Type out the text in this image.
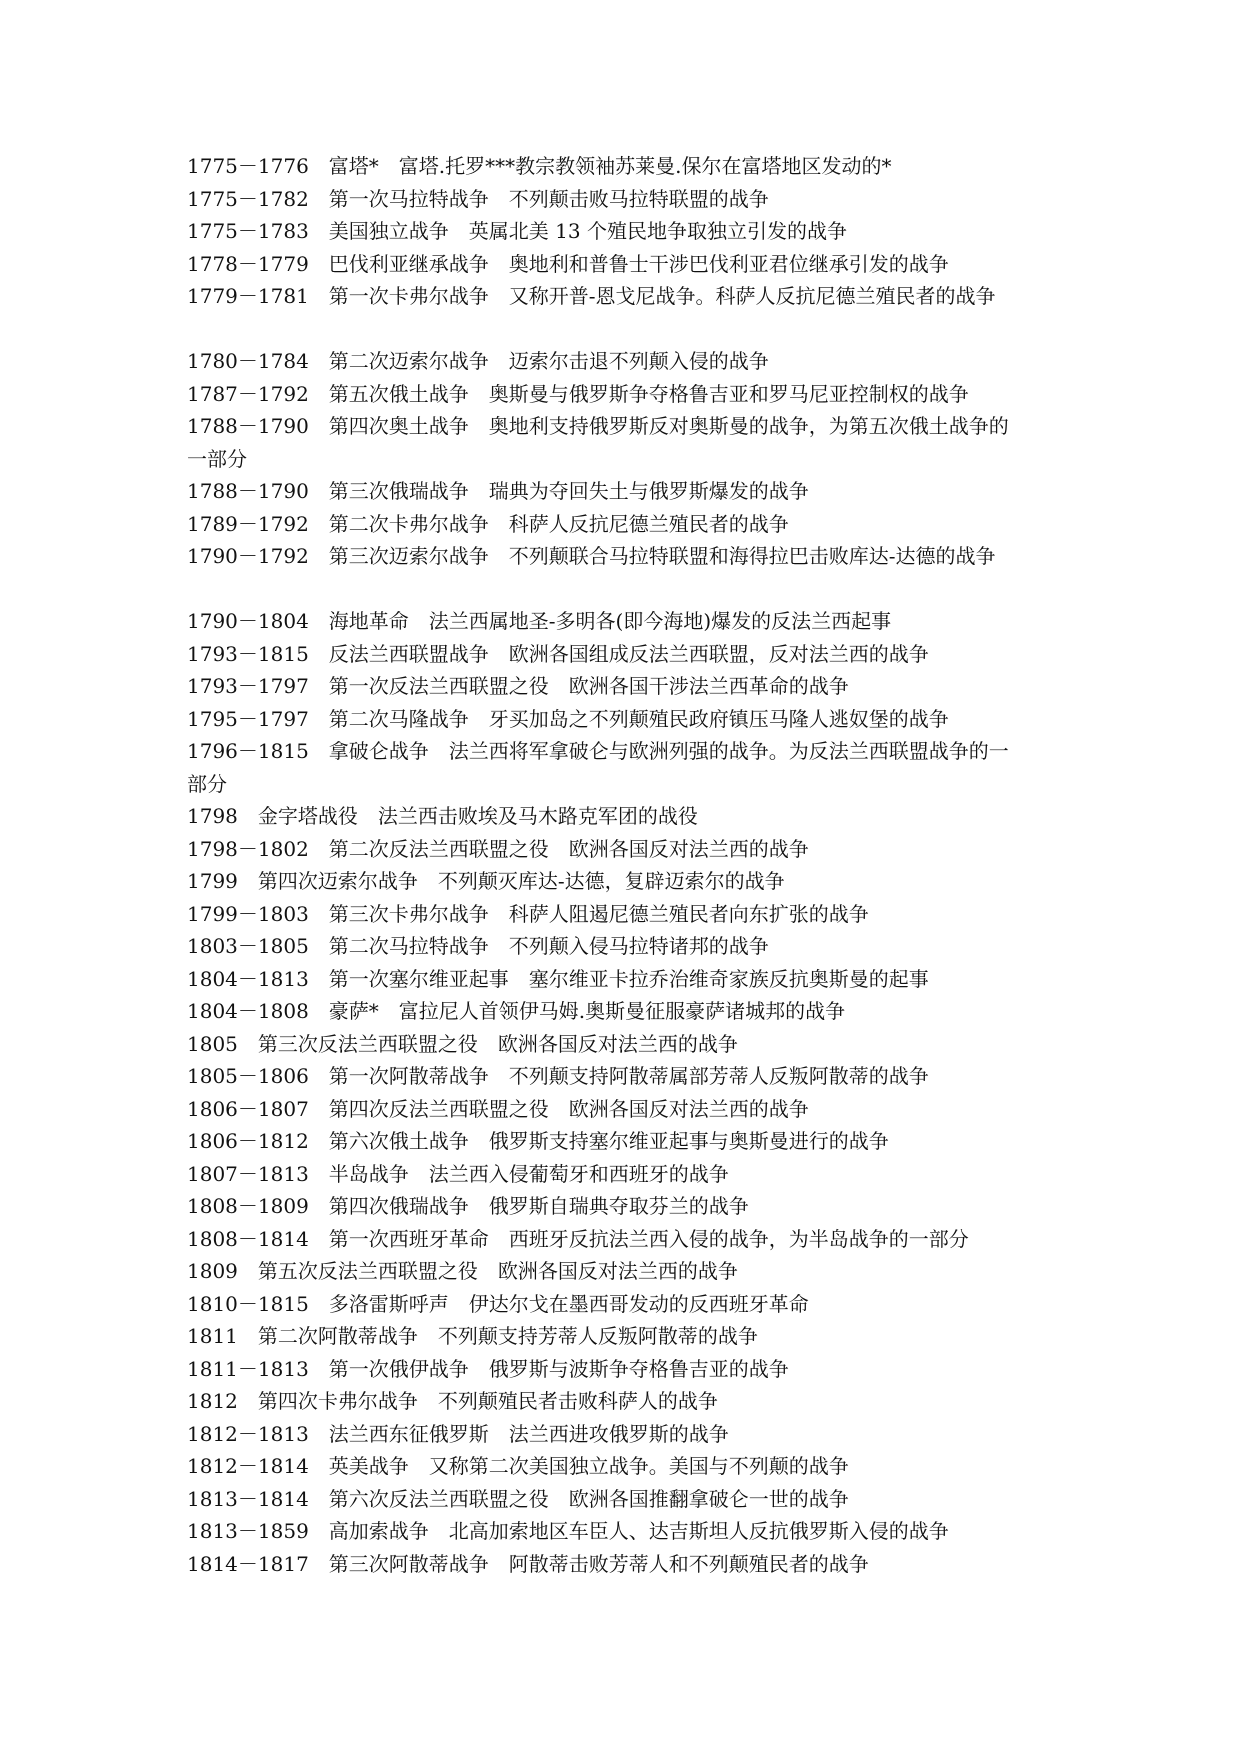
1775－1776 富塔* 富塔.托罗***教宗教领袖苏莱曼.保尔在富塔地区发动的*
1775－1782 第一次马拉特战争 不列颠击败马拉特联盟的战争
1775－1783 美国独立战争 英属北美 13 个殖民地争取独立引发的战争
1778－1779 巴伐利亚继承战争 奥地利和普鲁士干涉巴伐利亚君位继承引发的战争
1779－1781 第一次卡弗尔战争 又称开普-恩戈尼战争。科萨人反抗尼德兰殖民者的战争
1780－1784 第二次迈索尔战争 迈索尔击退不列颠入侵的战争
1787－1792 第五次俄土战争 奥斯曼与俄罗斯争夺格鲁吉亚和罗马尼亚控制权的战争
1788－1790 第四次奥土战争 奥地利支持俄罗斯反对奥斯曼的战争，为第五次俄土战争的
一部分
1788－1790 第三次俄瑞战争 瑞典为夺回失土与俄罗斯爆发的战争
1789－1792 第二次卡弗尔战争 科萨人反抗尼德兰殖民者的战争
1790－1792 第三次迈索尔战争 不列颠联合马拉特联盟和海得拉巴击败库达-达德的战争
1790－1804 海地革命 法兰西属地圣-多明各(即今海地)爆发的反法兰西起事
1793－1815 反法兰西联盟战争 欧洲各国组成反法兰西联盟，反对法兰西的战争
1793－1797 第一次反法兰西联盟之役 欧洲各国干涉法兰西革命的战争
1795－1797 第二次马隆战争 牙买加岛之不列颠殖民政府镇压马隆人逃奴堡的战争
1796－1815 拿破仑战争 法兰西将军拿破仑与欧洲列强的战争。为反法兰西联盟战争的一
部分
1798 金字塔战役 法兰西击败埃及马木路克军团的战役
1798－1802 第二次反法兰西联盟之役 欧洲各国反对法兰西的战争
1799 第四次迈索尔战争 不列颠灭库达-达德，复辟迈索尔的战争
1799－1803 第三次卡弗尔战争 科萨人阻遏尼德兰殖民者向东扩张的战争
1803－1805 第二次马拉特战争 不列颠入侵马拉特诸邦的战争
1804－1813 第一次塞尔维亚起事 塞尔维亚卡拉乔治维奇家族反抗奥斯曼的起事
1804－1808 豪萨* 富拉尼人首领伊马姆.奥斯曼征服豪萨诸城邦的战争
1805 第三次反法兰西联盟之役 欧洲各国反对法兰西的战争
1805－1806 第一次阿散蒂战争 不列颠支持阿散蒂属部芳蒂人反叛阿散蒂的战争
1806－1807 第四次反法兰西联盟之役 欧洲各国反对法兰西的战争
1806－1812 第六次俄土战争 俄罗斯支持塞尔维亚起事与奥斯曼进行的战争
1807－1813 半岛战争 法兰西入侵葡萄牙和西班牙的战争
1808－1809 第四次俄瑞战争 俄罗斯自瑞典夺取芬兰的战争
1808－1814 第一次西班牙革命 西班牙反抗法兰西入侵的战争，为半岛战争的一部分
1809 第五次反法兰西联盟之役 欧洲各国反对法兰西的战争
1810－1815 多洛雷斯呼声 伊达尔戈在墨西哥发动的反西班牙革命
1811 第二次阿散蒂战争 不列颠支持芳蒂人反叛阿散蒂的战争
1811－1813 第一次俄伊战争 俄罗斯与波斯争夺格鲁吉亚的战争
1812 第四次卡弗尔战争 不列颠殖民者击败科萨人的战争
1812－1813 法兰西东征俄罗斯 法兰西进攻俄罗斯的战争
1812－1814 英美战争 又称第二次美国独立战争。美国与不列颠的战争
1813－1814 第六次反法兰西联盟之役 欧洲各国推翻拿破仑一世的战争
1813－1859 高加索战争 北高加索地区车臣人、达吉斯坦人反抗俄罗斯入侵的战争
1814－1817 第三次阿散蒂战争 阿散蒂击败芳蒂人和不列颠殖民者的战争
